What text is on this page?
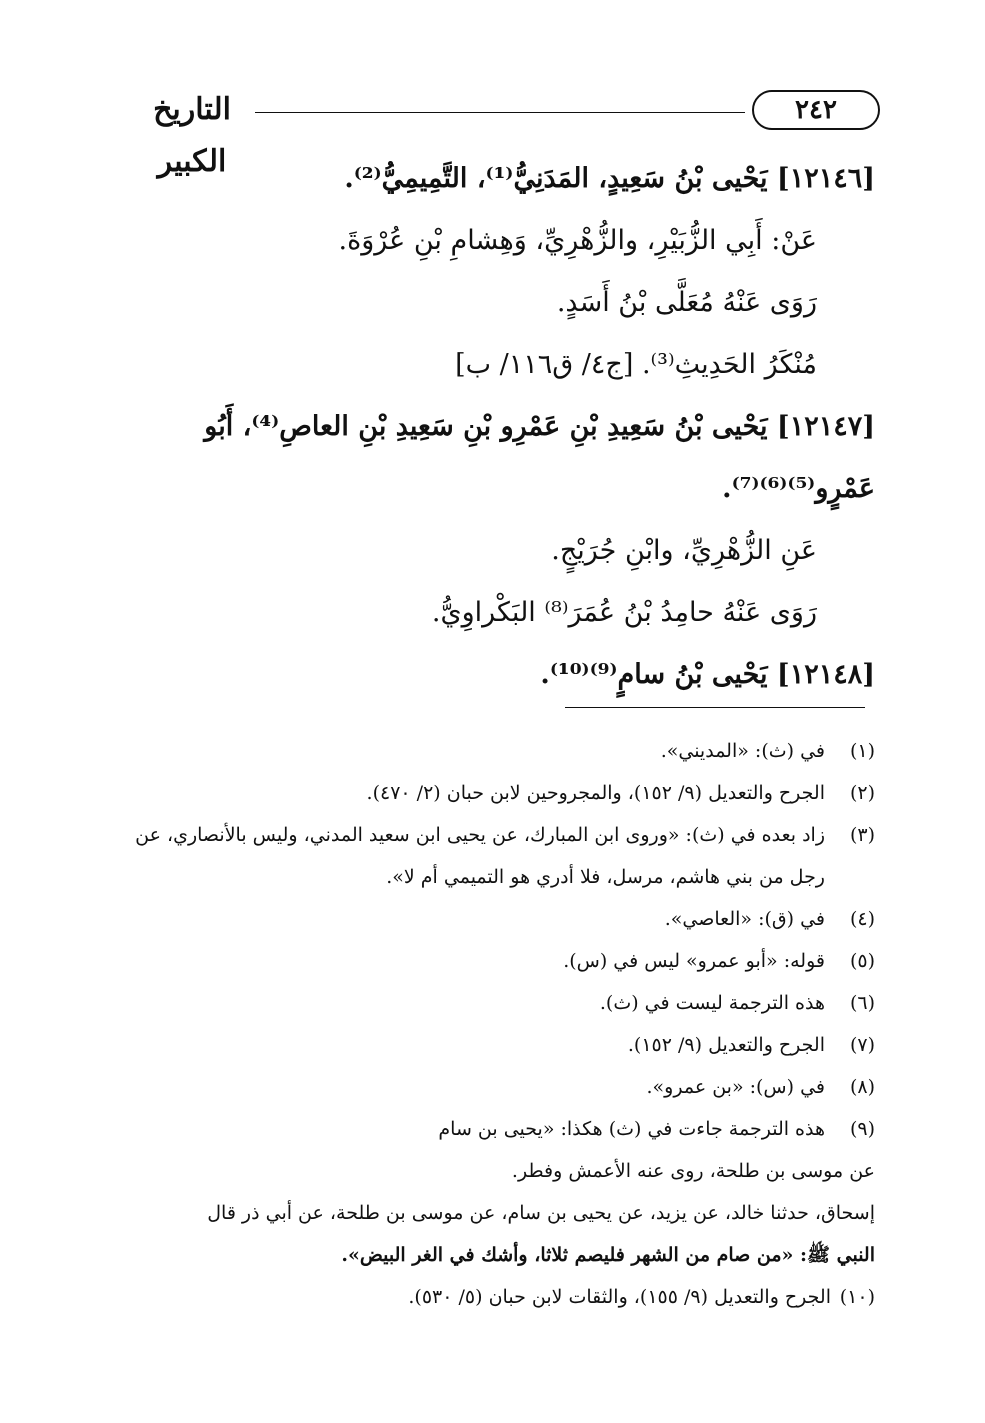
التاريخ الكبير
٢٤٢
[١٢١٤٦] يَحْيى بْنُ سَعِيدٍ، المَدَنِيُّ⁽¹⁾، التَّمِيمِيُّ⁽²⁾.
عَنْ: أَبِي الزُّبَيْرِ، والزُّهْرِيِّ، وَهِشامِ بْنِ عُرْوَةَ.
رَوَى عَنْهُ مُعَلَّى بْنُ أَسَدٍ.
مُنْكَرُ الحَدِيثِ⁽³⁾. [ج٤/ ق١١٦/ ب]
[١٢١٤٧] يَحْيى بْنُ سَعِيدِ بْنِ عَمْرِو بْنِ سَعِيدِ بْنِ العاصِ⁽⁴⁾، أَبُو
عَمْرٍو⁽⁵⁾⁽⁶⁾⁽⁷⁾.
عَنِ الزُّهْرِيِّ، وابْنِ جُرَيْجٍ.
رَوَى عَنْهُ حامِدُ بْنُ عُمَرَ⁽⁸⁾ البَكْراوِيُّ.
[١٢١٤٨] يَحْيى بْنُ سامٍ⁽⁹⁾⁽¹⁰⁾.
(١)
في (ث): «المديني».
(٢)
الجرح والتعديل (٩/ ١٥٢)، والمجروحين لابن حبان (٢/ ٤٧٠).
(٣)
زاد بعده في (ث): «وروى ابن المبارك، عن يحيى ابن سعيد المدني، وليس بالأنصاري، عن رجل من بني هاشم، مرسل، فلا أدري هو التميمي أم لا».
(٤)
في (ق): «العاصي».
(٥)
قوله: «أبو عمرو» ليس في (س).
(٦)
هذه الترجمة ليست في (ث).
(٧)
الجرح والتعديل (٩/ ١٥٢).
(٨)
في (س): «بن عمرو».
(٩)
هذه الترجمة جاءت في (ث) هكذا: «يحيى بن سام
عن موسى بن طلحة، روى عنه الأعمش وفطر.
إسحاق، حدثنا خالد، عن يزيد، عن يحيى بن سام، عن موسى بن طلحة، عن أبي ذر قال
النبي ﷺ: «من صام من الشهر فليصم ثلاثا، وأشك في الغر البيض».
(١٠)
الجرح والتعديل (٩/ ١٥٥)، والثقات لابن حبان (٥/ ٥٣٠).
